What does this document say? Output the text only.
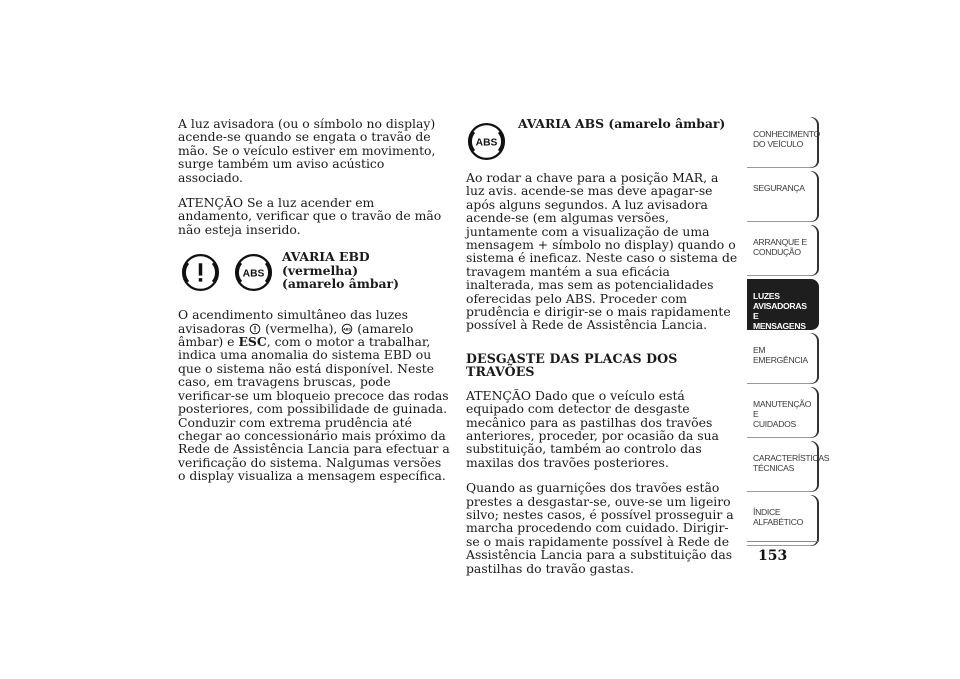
A luz avisadora (ou o símbolo no display) acende-se quando se engata o travão de mão. Se o veículo estiver em movimento, surge também um aviso acústico associado.

ATENÇÃO Se a luz acender em andamento, verificar que o travão de mão não esteja inserido.

ABS
AVARIA EBD (vermelha)
(amarelo âmbar)

O acendimento simultâneo das luzes avisadoras (vermelha), ABS (amarelo âmbar) e ESC, com o motor a trabalhar, indica uma anomalia do sistema EBD ou que o sistema não está disponível. Neste caso, em travagens bruscas, pode verificar-se um bloqueio precoce das rodas posteriores, com possibilidade de guinada. Conduzir com extrema prudência até chegar ao concessionário mais próximo da Rede de Assistência Lancia para efectuar a verificação do sistema. Nalgumas versões o display visualiza a mensagem específica.

ABS
AVARIA ABS (amarelo âmbar)

Ao rodar a chave para a posição MAR, a luz avis. acende-se mas deve apagar-se após alguns segundos. A luz avisadora acende-se (em algumas versões, juntamente com a visualização de uma mensagem + símbolo no display) quando o sistema é ineficaz. Neste caso o sistema de travagem mantém a sua eficácia inalterada, mas sem as potencialidades oferecidas pelo ABS. Proceder com prudência e dirigir-se o mais rapidamente possível à Rede de Assistência Lancia.

DESGASTE DAS PLACAS DOS TRAVÕES

ATENÇÃO Dado que o veículo está equipado com detector de desgaste mecânico para as pastilhas dos travões anteriores, proceder, por ocasião da sua substituição, também ao controlo das maxilas dos travões posteriores.

Quando as guarnições dos travões estão prestes a desgastar-se, ouve-se um ligeiro silvo; nestes casos, é possível prosseguir a marcha procedendo com cuidado. Dirigir-se o mais rapidamente possível à Rede de Assistência Lancia para a substituição das pastilhas do travão gastas.

CONHECIMENTO
DO VEÍCULO
SEGURANÇA
ARRANQUE E
CONDUÇÃO
LUZES
AVISADORAS E
MENSAGENS
EM EMERGÊNCIA
MANUTENÇÃO E
CUIDADOS
CARACTERÍSTICAS
TÉCNICAS
ÍNDICE
ALFABÉTICO
153
